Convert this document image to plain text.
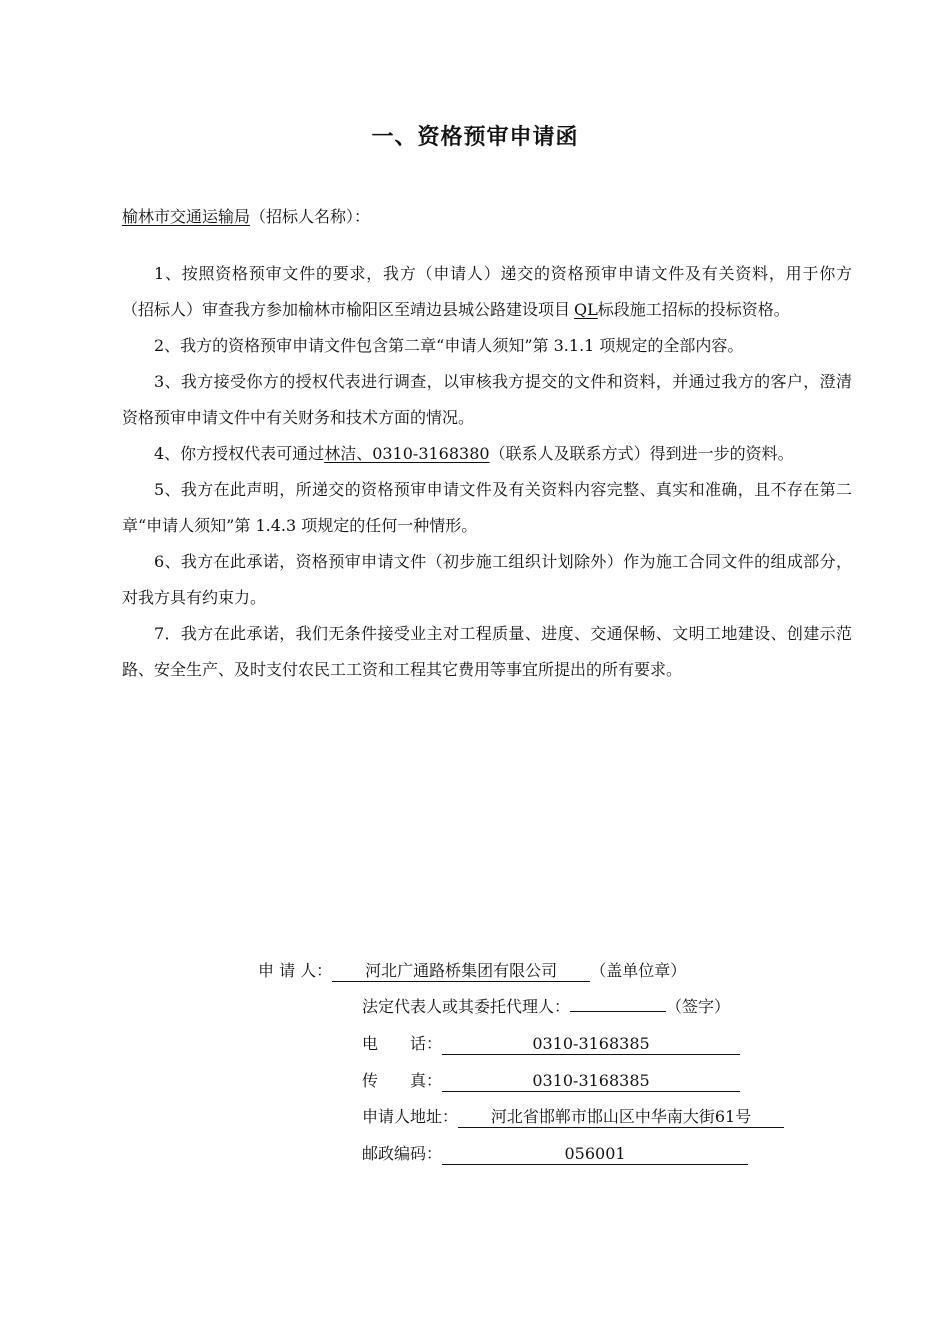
一、资格预审申请函
榆林市交通运输局（招标人名称）：

1、按照资格预审文件的要求，我方（申请人）递交的资格预审申请文件及有关资料，用于你方（招标人）审查我方参加榆林市榆阳区至靖边县城公路建设项目 QL标段施工招标的投标资格。

2、我方的资格预审申请文件包含第二章“申请人须知”第 3.1.1 项规定的全部内容。

3、我方接受你方的授权代表进行调查，以审核我方提交的文件和资料，并通过我方的客户，澄清资格预审申请文件中有关财务和技术方面的情况。

4、你方授权代表可通过林洁、0310-3168380（联系人及联系方式）得到进一步的资料。

5、我方在此声明，所递交的资格预审申请文件及有关资料内容完整、真实和准确，且不存在第二章“申请人须知”第 1.4.3 项规定的任何一种情形。

6、我方在此承诺，资格预审申请文件（初步施工组织计划除外）作为施工合同文件的组成部分，对我方具有约束力。

7．我方在此承诺，我们无条件接受业主对工程质量、进度、交通保畅、文明工地建设、创建示范路、安全生产、及时支付农民工工资和工程其它费用等事宜所提出的所有要求。

申 请 人： 河北广通路桥集团有限公司 （盖单位章）
法定代表人或其委托代理人：	（签字）
电　　话：	0310-3168385
传　　真：	0310-3168385
申请人地址： 河北省邯郸市邯山区中华南大街61号
邮政编码：	056001
